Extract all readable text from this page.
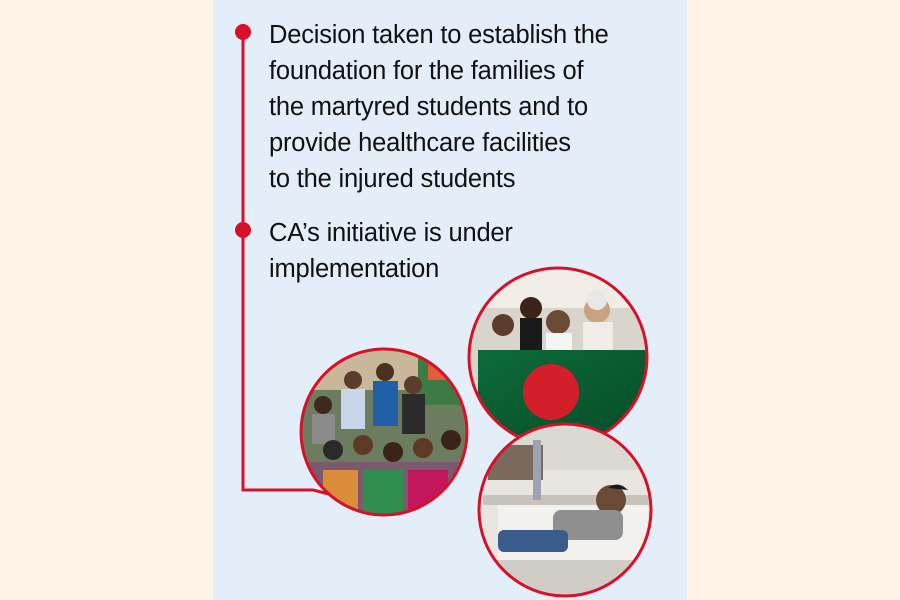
Decision taken to establish the
foundation for the families of
the martyred students and to
provide healthcare facilities
to the injured students

CA’s initiative is under
implementation
